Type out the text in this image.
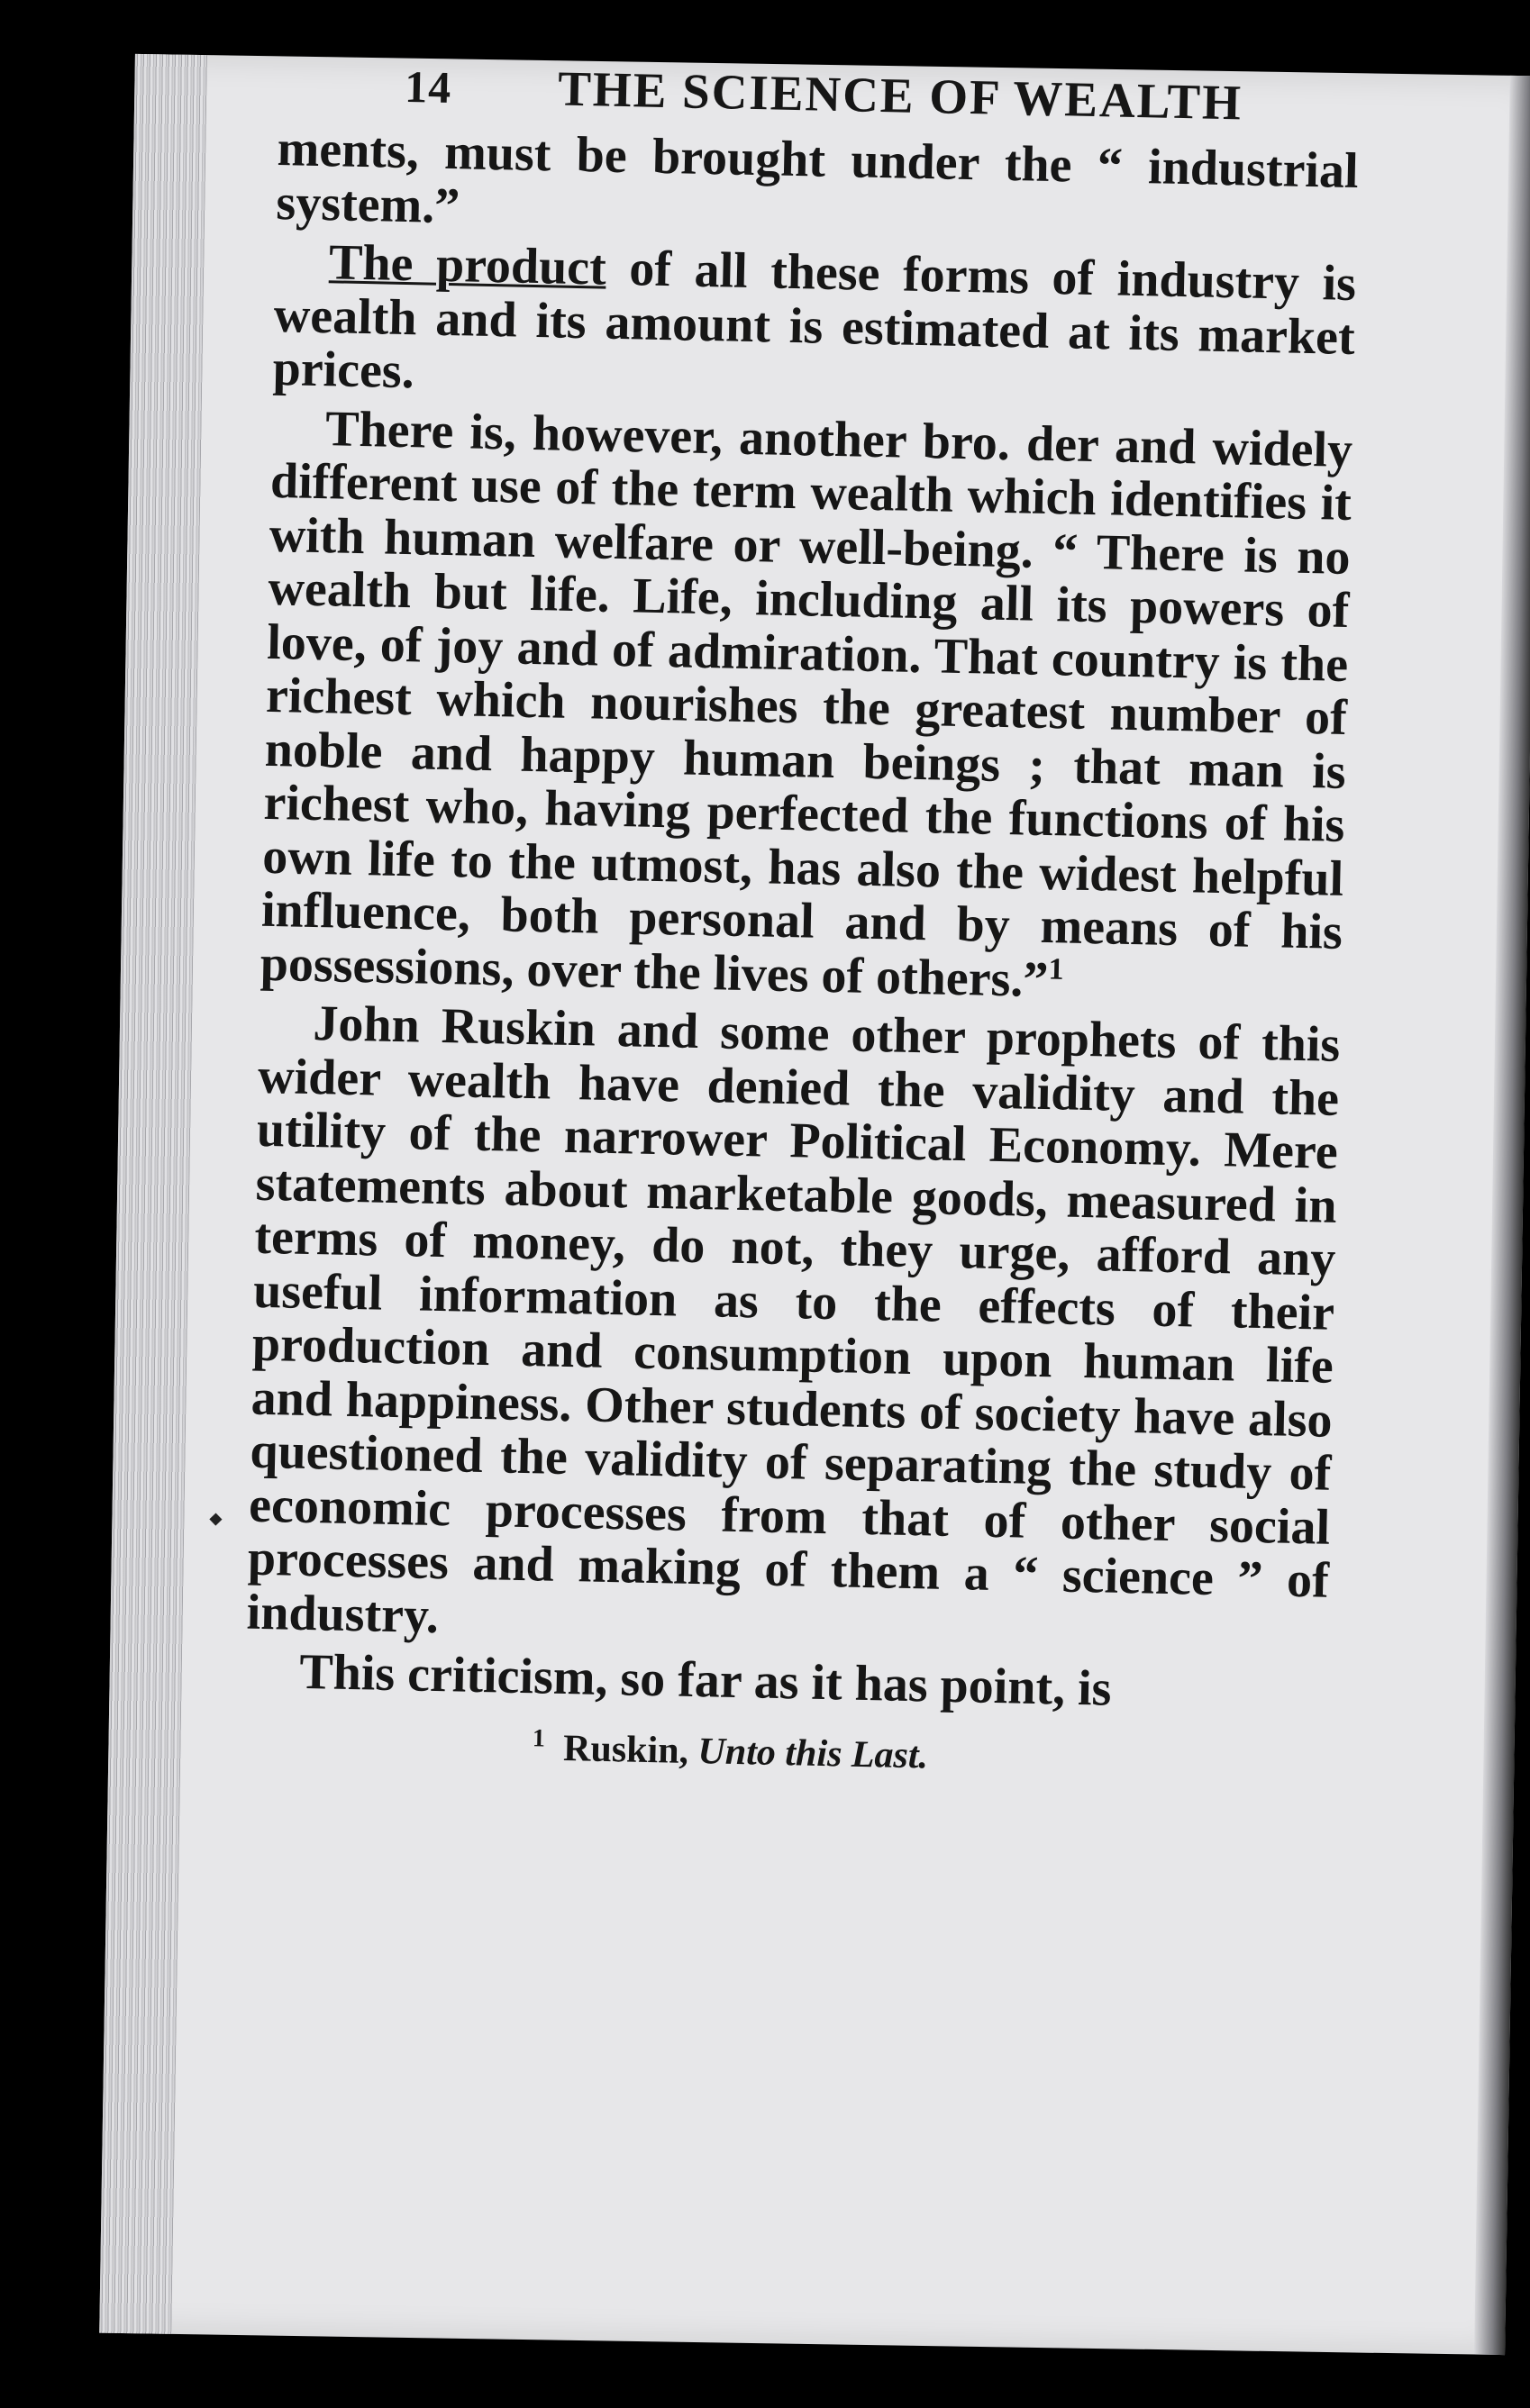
14	THE SCIENCE OF WEALTH

ments, must be brought under the “ industrial system.”

The product of all these forms of industry is wealth and its amount is estimated at its market prices.

There is, however, another bro. der and widely different use of the term wealth which identifies it with human welfare or well-being. “ There is no wealth but life. Life, including all its powers of love, of joy and of admiration. That country is the richest which nourishes the greatest number of noble and happy human beings ; that man is richest who, having perfected the functions of his own life to the utmost, has also the widest helpful influence, both personal and by means of his possessions, over the lives of others.”$^1$

John Ruskin and some other prophets of this wider wealth have denied the validity and the utility of the narrower Political Economy. Mere statements about marketable goods, measured in terms of money, do not, they urge, afford any useful information as to the effects of their production and consumption upon human life and happiness. Other students of society have also questioned the validity of separating the study of economic processes from that of other social processes and making of them a “ science ” of industry.

This criticism, so far as it has point, is

$^1$ Ruskin, Unto this Last.
